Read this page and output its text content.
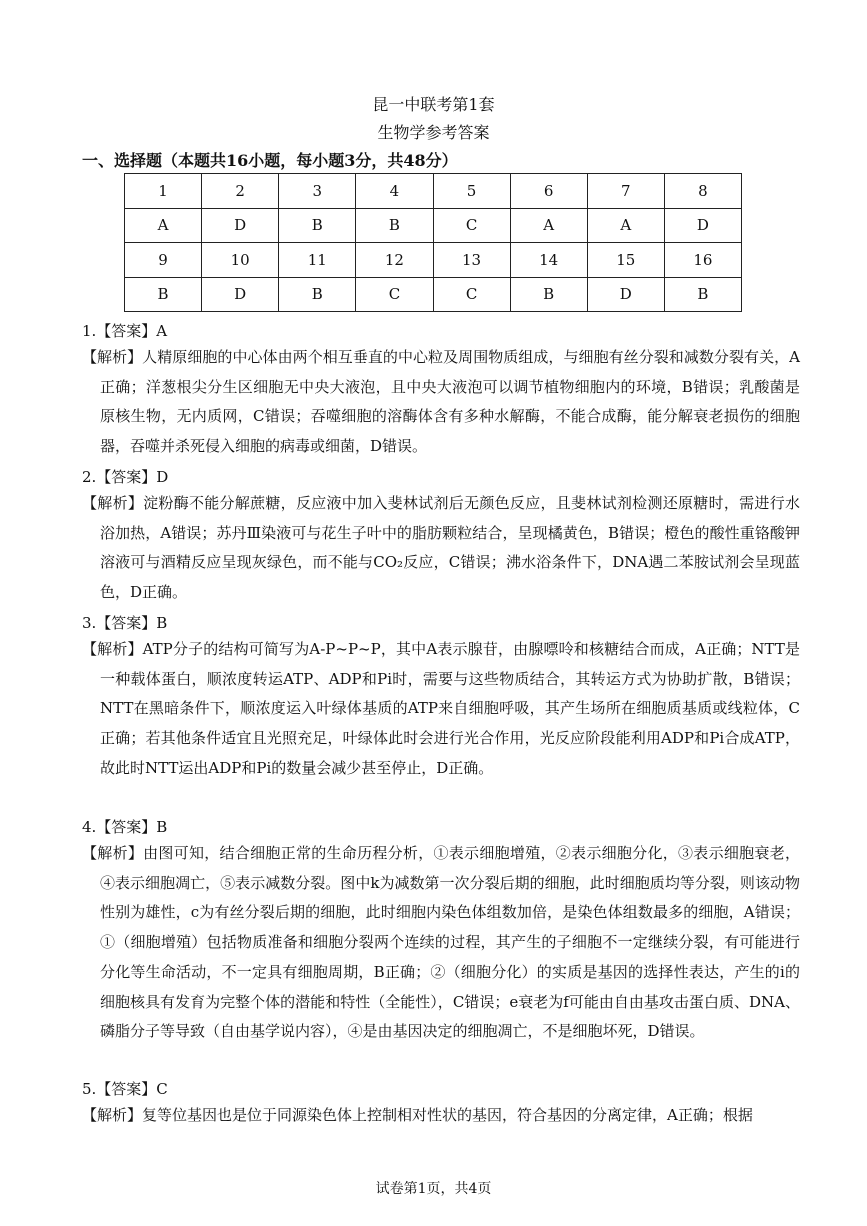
昆一中联考第1套
生物学参考答案
一、选择题（本题共16小题，每小题3分，共48分）
1	2	3	4	5	6	7	8
A	D	B	B	C	A	A	D
9	10	11	12	13	14	15	16
B	D	B	C	C	B	D	B
1.【答案】A
【解析】人精原细胞的中心体由两个相互垂直的中心粒及周围物质组成，与细胞有丝分裂和减数分裂有关，A正确；洋葱根尖分生区细胞无中央大液泡，且中央大液泡可以调节植物细胞内的环境，B错误；乳酸菌是原核生物，无内质网，C错误；吞噬细胞的溶酶体含有多种水解酶，不能合成酶，能分解衰老损伤的细胞器，吞噬并杀死侵入细胞的病毒或细菌，D错误。
2.【答案】D
【解析】淀粉酶不能分解蔗糖，反应液中加入斐林试剂后无颜色反应，且斐林试剂检测还原糖时，需进行水浴加热，A错误；苏丹Ⅲ染液可与花生子叶中的脂肪颗粒结合，呈现橘黄色，B错误；橙色的酸性重铬酸钾溶液可与酒精反应呈现灰绿色，而不能与CO₂反应，C错误；沸水浴条件下，DNA遇二苯胺试剂会呈现蓝色，D正确。
3.【答案】B
【解析】ATP分子的结构可简写为A-P~P~P，其中A表示腺苷，由腺嘌呤和核糖结合而成，A正确；NTT是一种载体蛋白，顺浓度转运ATP、ADP和Pi时，需要与这些物质结合，其转运方式为协助扩散，B错误；NTT在黑暗条件下，顺浓度运入叶绿体基质的ATP来自细胞呼吸，其产生场所在细胞质基质或线粒体，C正确；若其他条件适宜且光照充足，叶绿体此时会进行光合作用，光反应阶段能利用ADP和Pi合成ATP，故此时NTT运出ADP和Pi的数量会减少甚至停止，D正确。
4.【答案】B
【解析】由图可知，结合细胞正常的生命历程分析，①表示细胞增殖，②表示细胞分化，③表示细胞衰老，④表示细胞凋亡，⑤表示减数分裂。图中k为减数第一次分裂后期的细胞，此时细胞质均等分裂，则该动物性别为雄性，c为有丝分裂后期的细胞，此时细胞内染色体组数加倍，是染色体组数最多的细胞，A错误；①（细胞增殖）包括物质准备和细胞分裂两个连续的过程，其产生的子细胞不一定继续分裂，有可能进行分化等生命活动，不一定具有细胞周期，B正确；②（细胞分化）的实质是基因的选择性表达，产生的i的细胞核具有发育为完整个体的潜能和特性（全能性），C错误；e衰老为f可能由自由基攻击蛋白质、DNA、磷脂分子等导致（自由基学说内容），④是由基因决定的细胞凋亡，不是细胞坏死，D错误。
5.【答案】C
【解析】复等位基因也是位于同源染色体上控制相对性状的基因，符合基因的分离定律，A正确；根据
试卷第1页，共4页
